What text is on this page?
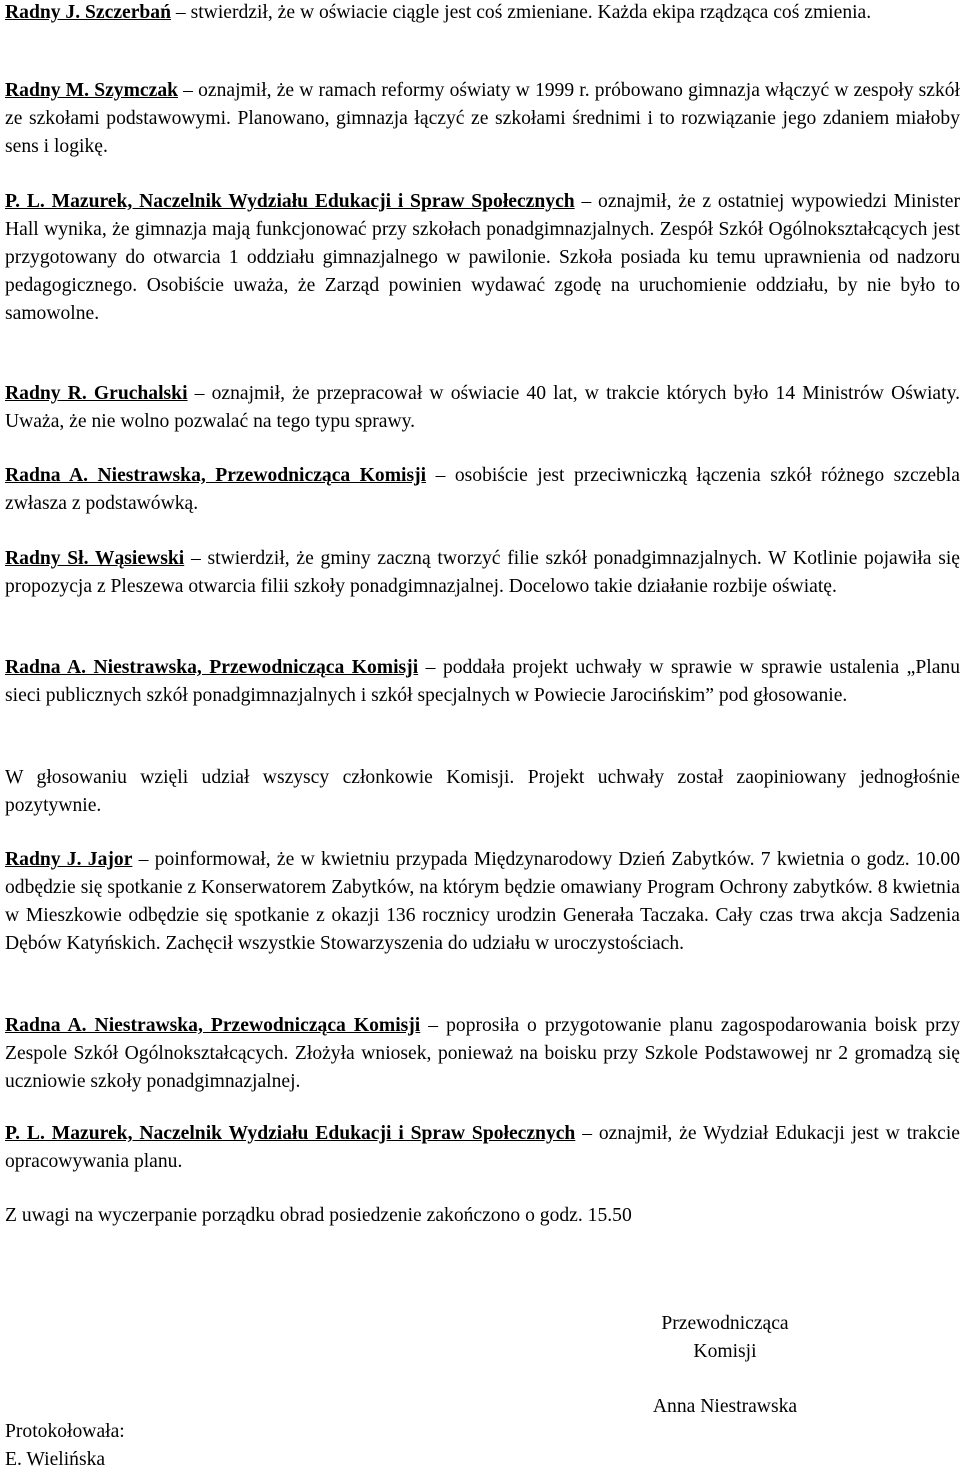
Radny J. Szczerbań – stwierdził, że w oświacie ciągle jest coś zmieniane. Każda ekipa rządząca coś zmienia.

Radny M. Szymczak – oznajmił, że w ramach reformy oświaty w 1999 r. próbowano gimnazja włączyć w zespoły szkół ze szkołami podstawowymi. Planowano, gimnazja łączyć ze szkołami średnimi i to rozwiązanie jego zdaniem miałoby sens i logikę.

P. L. Mazurek, Naczelnik Wydziału Edukacji i Spraw Społecznych – oznajmił, że z ostatniej wypowiedzi Minister Hall wynika, że gimnazja mają funkcjonować przy szkołach ponadgimnazjalnych. Zespół Szkół Ogólnokształcących jest przygotowany do otwarcia 1 oddziału gimnazjalnego w pawilonie. Szkoła posiada ku temu uprawnienia od nadzoru pedagogicznego. Osobiście uważa, że Zarząd powinien wydawać zgodę na uruchomienie oddziału, by nie było to samowolne.

Radny R. Gruchalski – oznajmił, że przepracował w oświacie 40 lat, w trakcie których było 14 Ministrów Oświaty. Uważa, że nie wolno pozwalać na tego typu sprawy.

Radna A. Niestrawska, Przewodnicząca Komisji – osobiście jest przeciwniczką łączenia szkół różnego szczebla zwłasza z podstawówką.

Radny Sł. Wąsiewski – stwierdził, że gminy zaczną tworzyć filie szkół ponadgimnazjalnych. W Kotlinie pojawiła się propozycja z Pleszewa otwarcia filii szkoły ponadgimnazjalnej. Docelowo takie działanie rozbije oświatę.

Radna A. Niestrawska, Przewodnicząca Komisji – poddała projekt uchwały w sprawie w sprawie ustalenia „Planu sieci publicznych szkół ponadgimnazjalnych i szkół specjalnych w Powiecie Jarocińskim” pod głosowanie.

W głosowaniu wzięli udział wszyscy członkowie Komisji. Projekt uchwały został zaopiniowany jednogłośnie pozytywnie.

Radny J. Jajor – poinformował, że w kwietniu przypada Międzynarodowy Dzień Zabytków. 7 kwietnia o godz. 10.00 odbędzie się spotkanie z Konserwatorem Zabytków, na którym będzie omawiany Program Ochrony zabytków. 8 kwietnia w Mieszkowie odbędzie się spotkanie z okazji 136 rocznicy urodzin Generała Taczaka. Cały czas trwa akcja Sadzenia Dębów Katyńskich. Zachęcił wszystkie Stowarzyszenia do udziału w uroczystościach.

Radna A. Niestrawska, Przewodnicząca Komisji – poprosiła o przygotowanie planu zagospodarowania boisk przy Zespole Szkół Ogólnokształcących. Złożyła wniosek, ponieważ na boisku przy Szkole Podstawowej nr 2 gromadzą się uczniowie szkoły ponadgimnazjalnej.

P. L. Mazurek, Naczelnik Wydziału Edukacji i Spraw Społecznych – oznajmił, że Wydział Edukacji jest w trakcie opracowywania planu.

Z uwagi na wyczerpanie porządku obrad posiedzenie zakończono o godz. 15.50

Przewodnicząca
Komisji
Anna Niestrawska
Protokołowała:
E. Wielińska
